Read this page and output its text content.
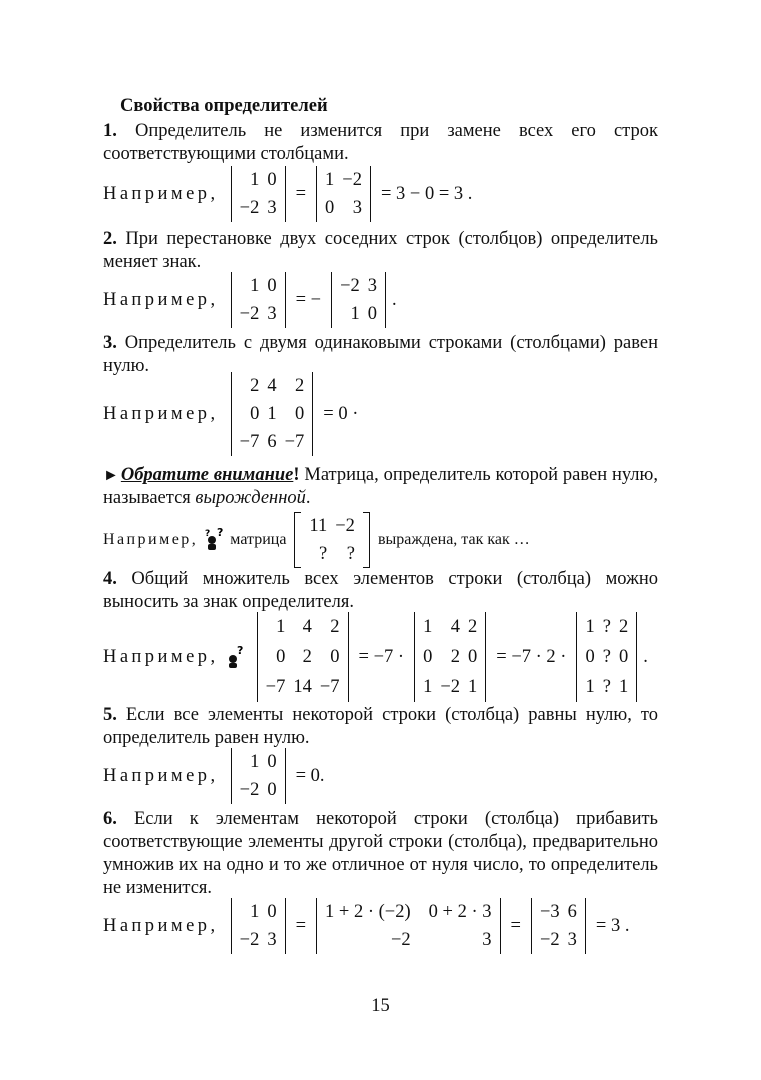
Свойства определителей

1. Определитель не изменится при замене всех его строк соответствующими столбцами.

Например,
1	0
−2	3
=
1	−2
0	3
= 3 − 0 = 3 .

2. При перестановке двух соседних строк (столбцов) определитель меняет знак.

Например,
1	0
−2	3
= −
−2	3
1	0
.

3. Определитель с двумя одинаковыми строками (столбцами) равен нулю.

Например,
2	4	2
0	1	0
−7	6	−7
= 0 ·

► Обратите внимание! Матрица, определитель которой равен нулю, называется вырожденной.

Например, ? ? матрица
11	−2
?	?
выраждена, так как …

4. Общий множитель всех элементов строки (столбца) можно выносить за знак определителя.

Например, ?
1	4	2
0	2	0
−7	14	−7
= −7 ·
1	4	2
0	2	0
1	−2	1
= −7 · 2 ·
1	?	2
0	?	0
1	?	1
.

5. Если все элементы некоторой строки (столбца) равны нулю, то определитель равен нулю.

Например,
1	0
−2	0
= 0.

6. Если к элементам некоторой строки (столбца) прибавить соответствующие элементы другой строки (столбца), предварительно умножив их на одно и то же отличное от нуля число, то определитель не изменится.

Например,
1	0
−2	3
=
1 + 2 · (−2)	0 + 2 · 3
−2	3
=
−3	6
−2	3
= 3 .

15
